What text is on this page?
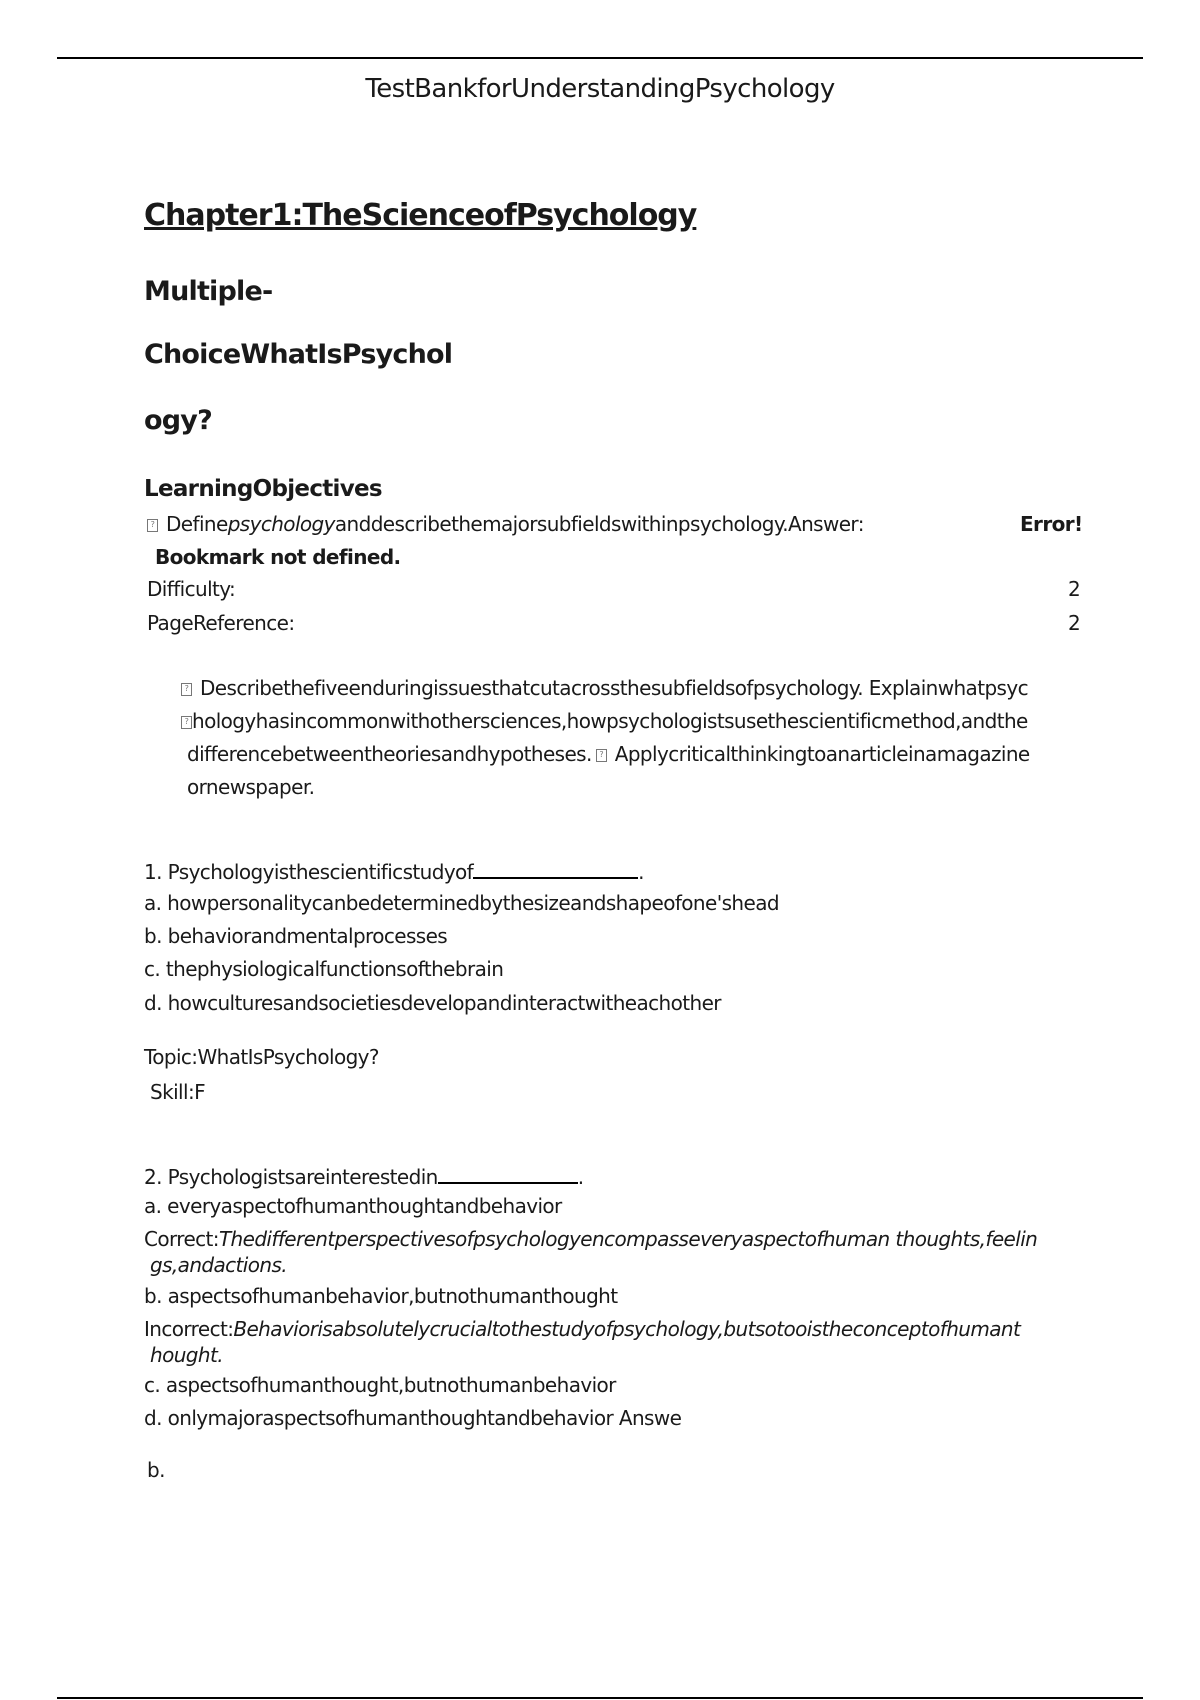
TestBankforUnderstandingPsychology
Chapter1:TheScienceofPsychology
Multiple-
ChoiceWhatIsPsychol
ogy?
LearningObjectives
? Definepsychologyanddescribethemajorsubfieldswithinpsychology.Answer:	Error!
Bookmark not defined.
Difficulty:	2
PageReference:	2
? Describethefiveenduringissuesthatcutacrossthesubfieldsofpsychology. Explainwhatpsyc
? hologyhasincommonwithothersciences,howpsychologistsusethescientificmethod,andthe
differencebetweentheoriesandhypotheses. ? Applycriticalthinkingtoanarticleinamagazine
ornewspaper.
1. Psychologyisthescientificstudyof	.
a. howpersonalitycanbedeterminedbythesizeandshapeofone'shead
b. behaviorandmentalprocesses
c. thephysiologicalfunctionsofthebrain
d. howculturesandsocietiesdevelopandinteractwitheachother
Topic:WhatIsPsychology?
Skill:F
2. Psychologistsareinterestedin	.
a. everyaspectofhumanthoughtandbehavior
Correct:Thedifferentperspectivesofpsychologyencompasseveryaspectofhuman thoughts,feelin
gs,andactions.
b. aspectsofhumanbehavior,butnothumanthought
Incorrect:Behaviorisabsolutelycrucialtothestudyofpsychology,butsotooistheconceptofhumant
hought.
c. aspectsofhumanthought,butnothumanbehavior
d. onlymajoraspectsofhumanthoughtandbehavior Answe
b.
